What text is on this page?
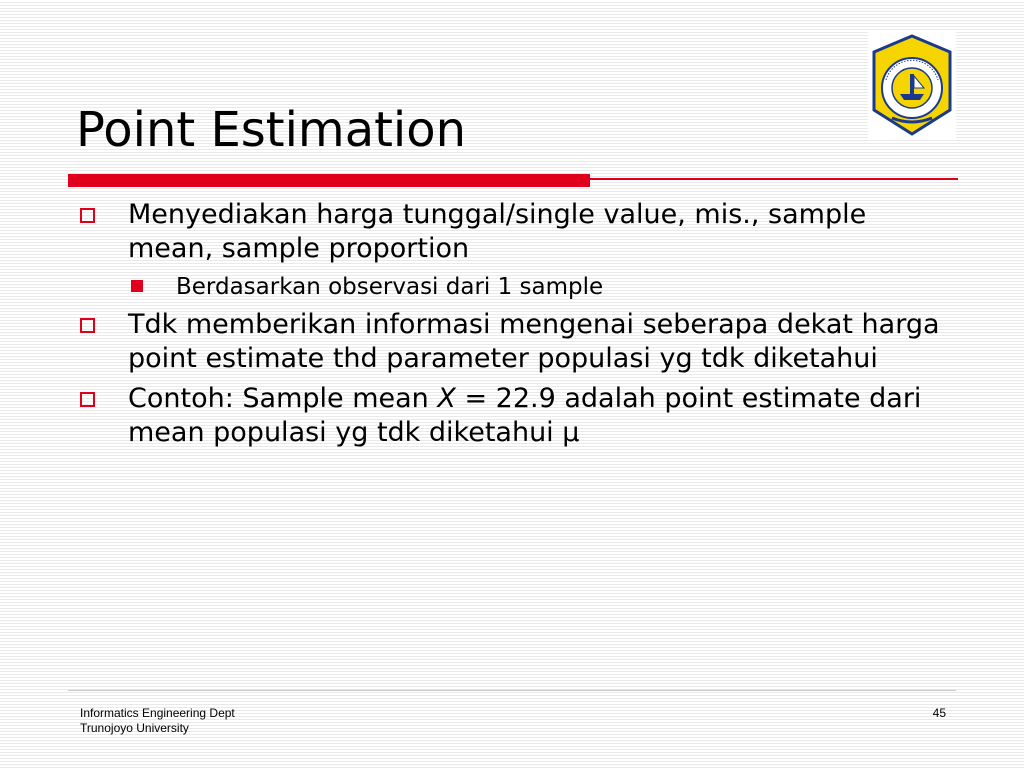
Point Estimation
Menyediakan harga tunggal/single value, mis., sample mean, sample proportion
Berdasarkan observasi dari 1 sample
Tdk memberikan informasi mengenai seberapa dekat harga point estimate thd parameter populasi yg tdk diketahui
Contoh: Sample mean X = 22.9 adalah point estimate dari mean populasi yg tdk diketahui μ
Informatics Engineering Dept
Trunojoyo University
45
